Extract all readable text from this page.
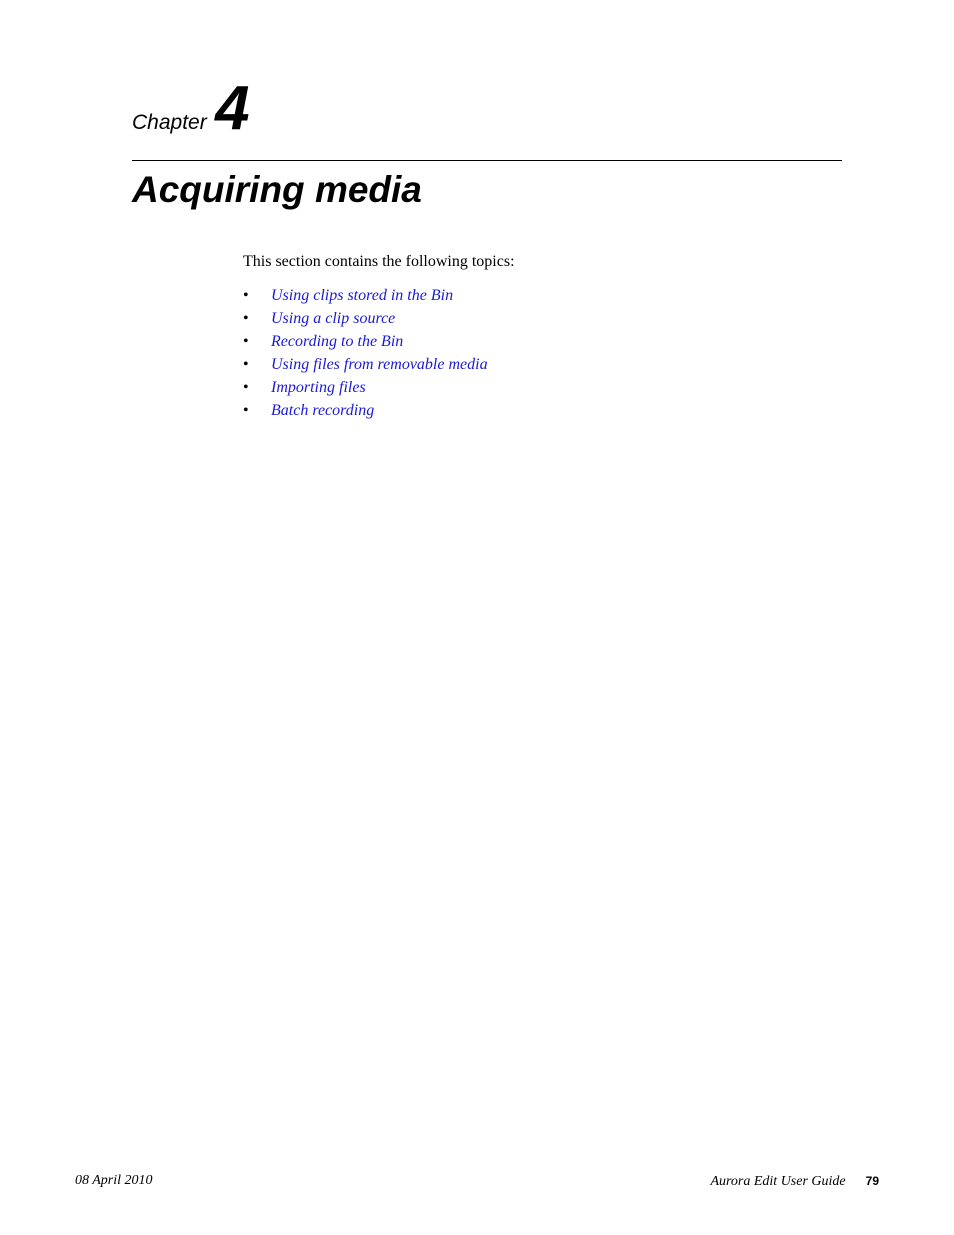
Chapter 4
Acquiring media

This section contains the following topics:

• Using clips stored in the Bin
• Using a clip source
• Recording to the Bin
• Using files from removable media
• Importing files
• Batch recording
08 April 2010	Aurora Edit User Guide 79
